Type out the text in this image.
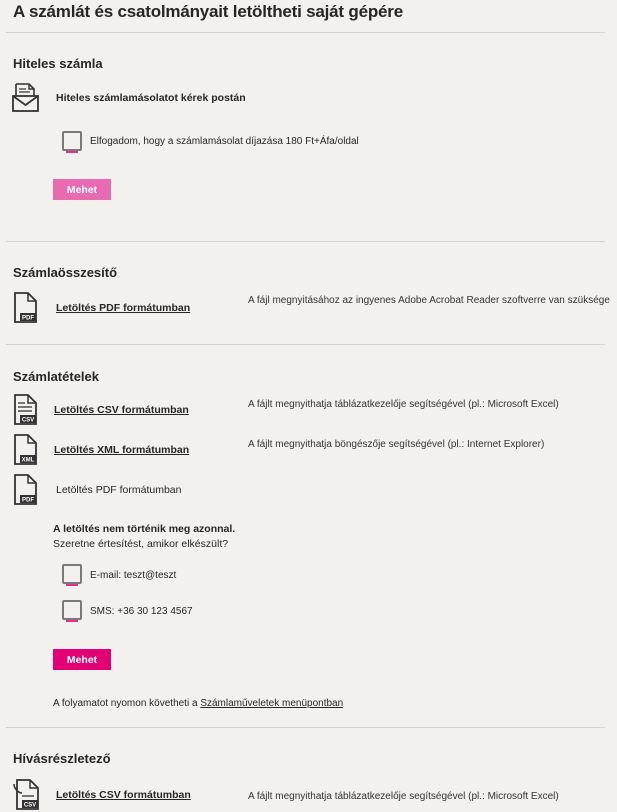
A számlát és csatolmányait letöltheti saját gépére
Hiteles számla
Hiteles számlamásolatot kérek postán
Elfogadom, hogy a számlamásolat díjazása 180 Ft+Áfa/oldal
Mehet
Számlaösszesítő
PDF
Letöltés PDF formátumban
A fájl megnyitásához az ingyenes Adobe Acrobat Reader szoftverre van szüksége
Számlatételek
CSV
Letöltés CSV formátumban	A fájlt megnyithatja táblázatkezelője segítségével (pl.: Microsoft Excel)
XML
Letöltés XML formátumban	A fájlt megnyithatja böngészője segítségével (pl.: Internet Explorer)
PDF
Letöltés PDF formátumban
A letöltés nem történik meg azonnal.
Szeretne értesítést, amikor elkészült?
E-mail: teszt@teszt
SMS: +36 30 123 4567
Mehet
A folyamatot nyomon követheti a Számlaműveletek menüpontban
Hívásrészletező
CSV
Letöltés CSV formátumban	A fájlt megnyithatja táblázatkezelője segítségével (pl.: Microsoft Excel)
